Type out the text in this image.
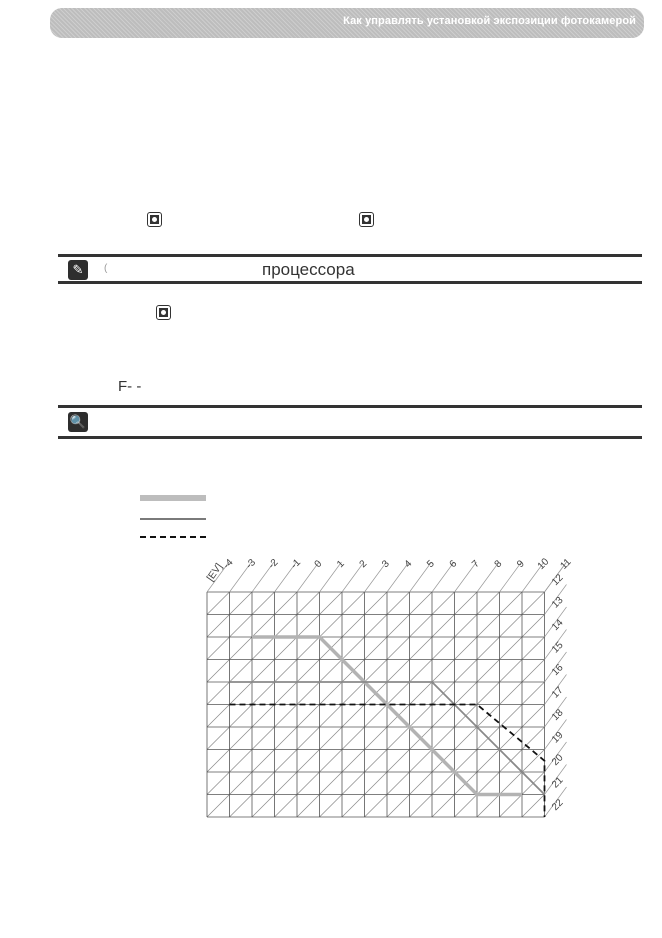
Как управлять установкой экспозиции фотокамерой
✎	(	процессора
F- -
🔍
-4 -3 -2 -1 0 1 2 3 4 5 6 7 8 9 10 11
12
13
14
15
16
17
18
19
20
21
22
[EV]
